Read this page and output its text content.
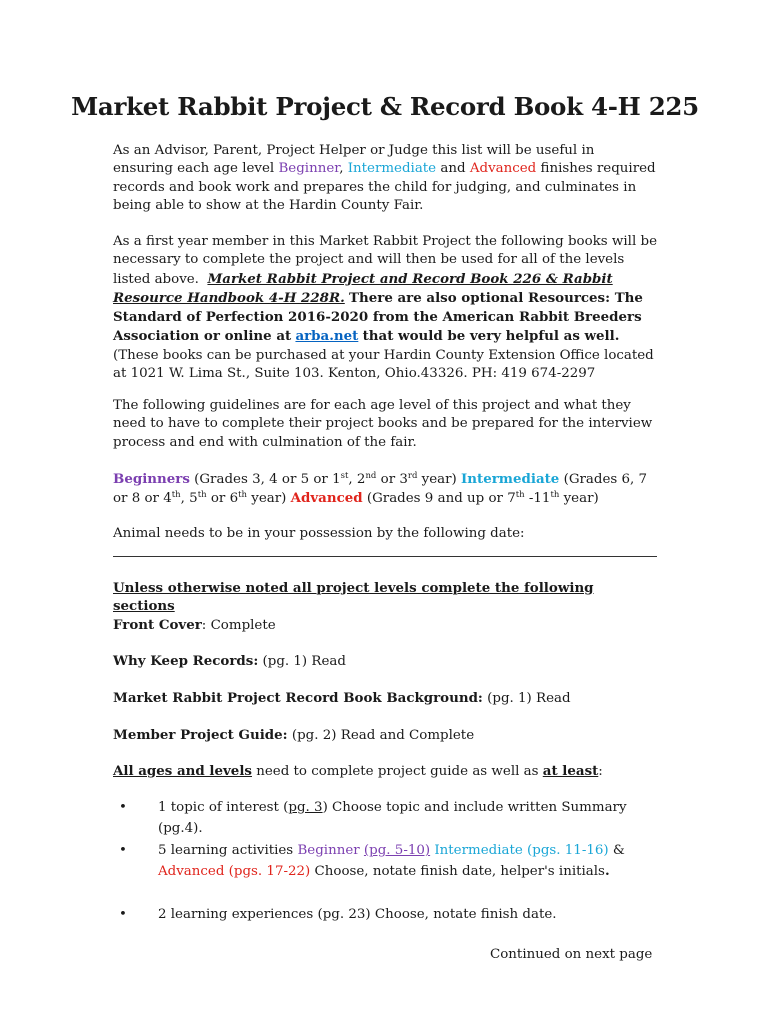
Market Rabbit Project & Record Book 4-H 225

As an Advisor, Parent, Project Helper or Judge this list will be useful in ensuring each age level Beginner, Intermediate and Advanced finishes required records and book work and prepares the child for judging, and culminates in being able to show at the Hardin County Fair.

As a first year member in this Market Rabbit Project the following books will be necessary to complete the project and will then be used for all of the levels listed above. Market Rabbit Project and Record Book 226 & Rabbit Resource Handbook 4-H 228R. There are also optional Resources: The Standard of Perfection 2016-2020 from the American Rabbit Breeders Association or online at arba.net that would be very helpful as well.  (These books can be purchased at your Hardin County Extension Office located at 1021 W. Lima St., Suite 103. Kenton, Ohio.43326. PH: 419 674-2297

The following guidelines are for each age level of this project and what they need to have to complete their project books and be prepared for the interview process and end with culmination of the fair.

Beginners (Grades 3, 4 or 5 or 1st, 2nd or 3rd year) Intermediate (Grades 6, 7 or 8 or 4th, 5th or 6th year) Advanced (Grades 9 and up or 7th -11th year)

Animal needs to be in your possession by the following date:

Unless otherwise noted all project levels complete the following sections

Front Cover: Complete

Why Keep Records: (pg. 1) Read

Market Rabbit Project Record Book Background: (pg. 1) Read

Member Project Guide: (pg. 2) Read and Complete

All ages and levels need to complete project guide as well as at least:

• 1 topic of interest (pg. 3) Choose topic and include written Summary (pg.4).

• 5 learning activities Beginner (pg. 5-10) Intermediate (pgs. 11-16) & Advanced (pgs. 17-22) Choose, notate finish date, helper's initials.

• 2 learning experiences (pg. 23) Choose, notate finish date.

Continued on next page
